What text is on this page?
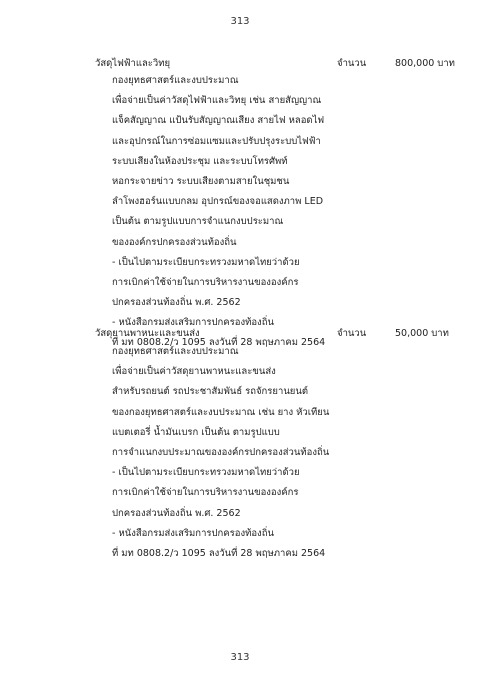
313
วัสดุไฟฟ้าและวิทยุ	จำนวน	800,000 บาท
กองยุทธศาสตร์และงบประมาณ
เพื่อจ่ายเป็นค่าวัสดุไฟฟ้าและวิทยุ เช่น สายสัญญาณ
แจ็คสัญญาณ แป้นรับสัญญาณเสียง สายไฟ หลอดไฟ
และอุปกรณ์ในการซ่อมแซมและปรับปรุงระบบไฟฟ้า
ระบบเสียงในห้องประชุม และระบบโทรศัพท์
หอกระจายข่าว ระบบเสียงตามสายในชุมชน
ลำโพงฮอร์นแบบกลม อุปกรณ์ของจอแสดงภาพ LED
เป็นต้น ตามรูปแบบการจำแนกงบประมาณ
ขององค์กรปกครองส่วนท้องถิ่น
- เป็นไปตามระเบียบกระทรวงมหาดไทยว่าด้วย
การเบิกค่าใช้จ่ายในการบริหารงานขององค์กร
ปกครองส่วนท้องถิ่น พ.ศ. 2562
- หนังสือกรมส่งเสริมการปกครองท้องถิ่น
ที่ มท 0808.2/ว 1095 ลงวันที่ 28 พฤษภาคม 2564
วัสดุยานพาหนะและขนส่ง	จำนวน	50,000 บาท
กองยุทธศาสตร์และงบประมาณ
เพื่อจ่ายเป็นค่าวัสดุยานพาหนะและขนส่ง
สำหรับรถยนต์ รถประชาสัมพันธ์ รถจักรยานยนต์
ของกองยุทธศาสตร์และงบประมาณ เช่น ยาง หัวเทียน
แบตเตอรี่ น้ำมันเบรก เป็นต้น ตามรูปแบบ
การจำแนกงบประมาณขององค์กรปกครองส่วนท้องถิ่น
- เป็นไปตามระเบียบกระทรวงมหาดไทยว่าด้วย
การเบิกค่าใช้จ่ายในการบริหารงานขององค์กร
ปกครองส่วนท้องถิ่น พ.ศ. 2562
- หนังสือกรมส่งเสริมการปกครองท้องถิ่น
ที่ มท 0808.2/ว 1095 ลงวันที่ 28 พฤษภาคม 2564
313
